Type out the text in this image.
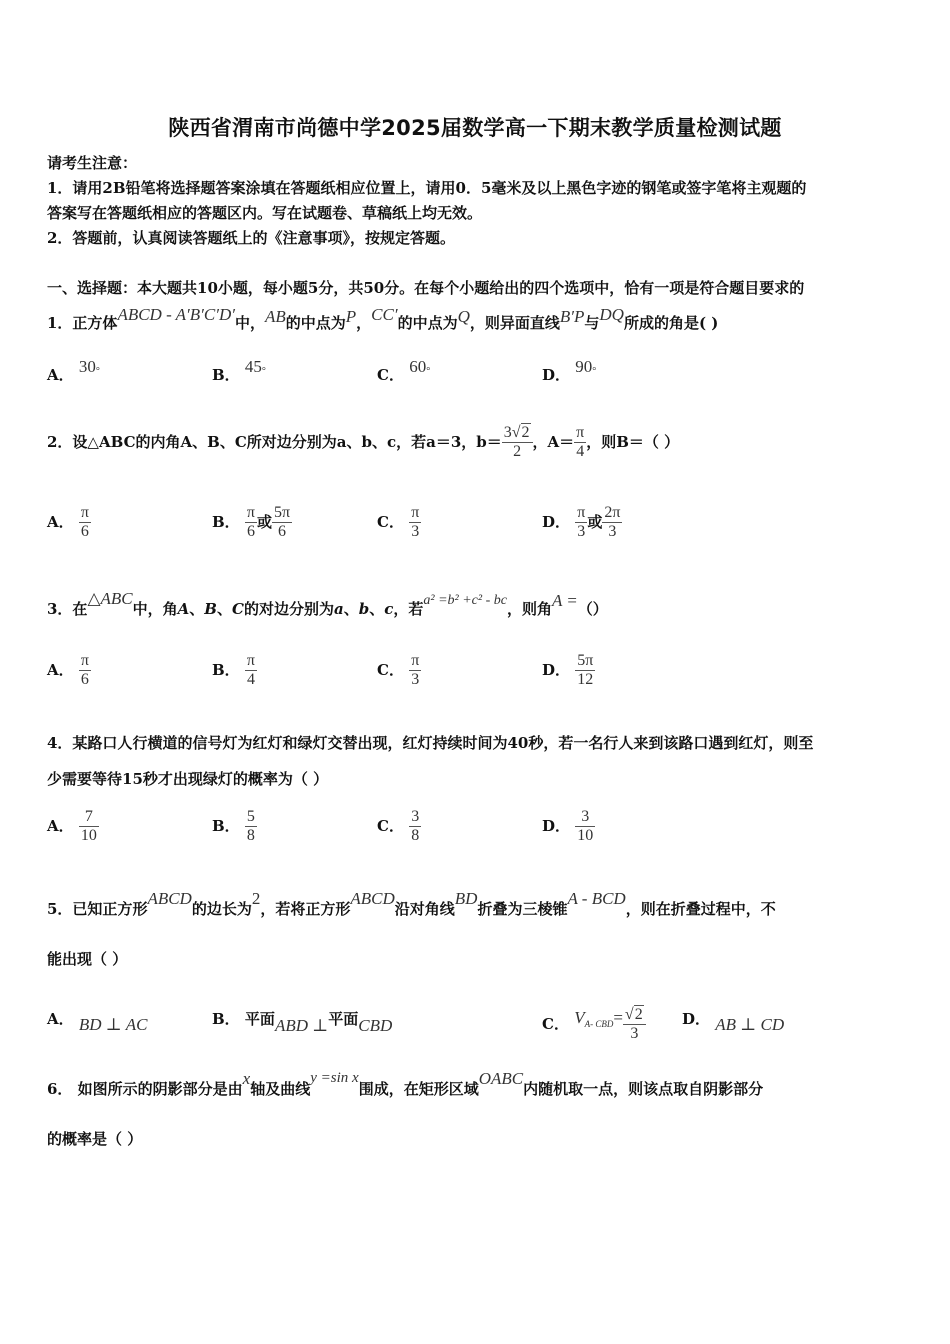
陕西省渭南市尚德中学2025届数学高一下期末教学质量检测试题
请考生注意：
1．请用2B铅笔将选择题答案涂填在答题纸相应位置上，请用0．5毫米及以上黑色字迹的钢笔或签字笔将主观题的
答案写在答题纸相应的答题区内。写在试题卷、草稿纸上均无效。
2．答题前，认真阅读答题纸上的《注意事项》，按规定答题。
一、选择题：本大题共10小题，每小题5分，共50分。在每个小题给出的四个选项中，恰有一项是符合题目要求的
1．正方体ABCD - A′B′C′D′中，AB的中点为P，CC′的中点为Q，则异面直线B′P与DQ所成的角是( )
A． 30°	B． 45°	C． 60°	D． 90°
2．设△ABC的内角A、B、C所对边分别为a、b、c，若a＝3，$b= \frac{3√2}{2}$ ，$A= \frac{\pi}{4}$ ，则B＝（ ）
A． $\frac{\pi}{6}$	B． $\frac{\pi}{6}$ 或 $\frac{5\pi}{6}$	C． $\frac{\pi}{3}$	D． $\frac{\pi}{3}$ 或 $\frac{2\pi}{3}$
3．在△ABC中，角A、B、C的对边分别为a、b、c，若a² =b² +c² - bc，则角A =（）
A． $\frac{\pi}{6}$	B． $\frac{\pi}{4}$	C． $\frac{\pi}{3}$	D． $\frac{5\pi}{12}$
4．某路口人行横道的信号灯为红灯和绿灯交替出现，红灯持续时间为40秒，若一名行人来到该路口遇到红灯，则至
少需要等待15秒才出现绿灯的概率为（ ）
A． $\frac{7}{10}$	B． $\frac{5}{8}$	C． $\frac{3}{8}$	D． $\frac{3}{10}$
5．已知正方形ABCD的边长为2，若将正方形ABCD沿对角线BD折叠为三棱锥A - BCD，则在折叠过程中，不
能出现（ ）
A． BD ⊥ AC	B． 平面ABD ⊥平面CBD	C． $V_{A- CBD}= \frac{√2}{3}$ D． AB ⊥ CD
6． 如图所示的阴影部分是由x轴及曲线y =sin x围成，在矩形区域OABC内随机取一点，则该点取自阴影部分
的概率是（ ）
